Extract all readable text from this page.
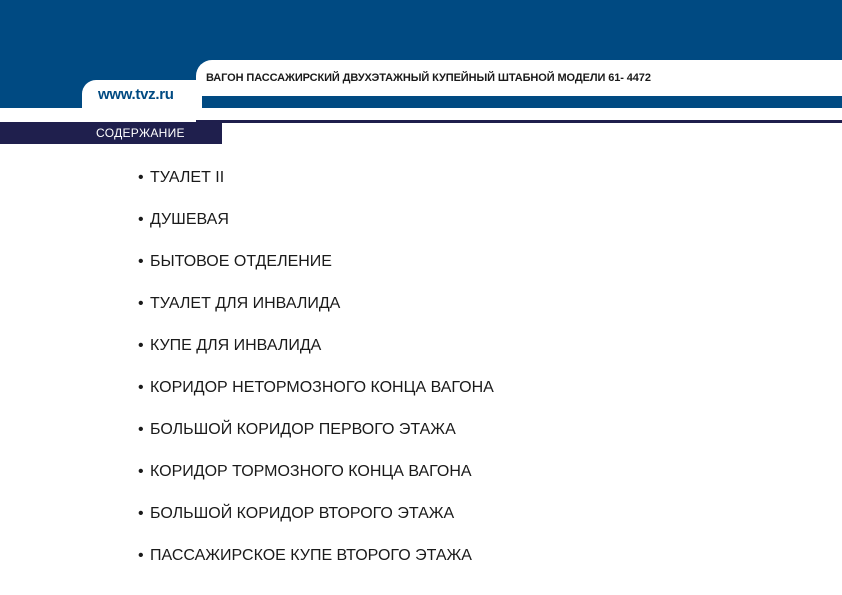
ВАГОН ПАССАЖИРСКИЙ ДВУХЭТАЖНЫЙ КУПЕЙНЫЙ ШТАБНОЙ МОДЕЛИ 61- 4472
www.tvz.ru
СОДЕРЖАНИЕ
• ТУАЛЕТ II
• ДУШЕВАЯ
• БЫТОВОЕ ОТДЕЛЕНИЕ
• ТУАЛЕТ ДЛЯ ИНВАЛИДА
• КУПЕ ДЛЯ ИНВАЛИДА
• КОРИДОР НЕТОРМОЗНОГО КОНЦА ВАГОНА
• БОЛЬШОЙ КОРИДОР ПЕРВОГО ЭТАЖА
• КОРИДОР ТОРМОЗНОГО КОНЦА ВАГОНА
• БОЛЬШОЙ КОРИДОР ВТОРОГО ЭТАЖА
• ПАССАЖИРСКОЕ КУПЕ ВТОРОГО ЭТАЖА
